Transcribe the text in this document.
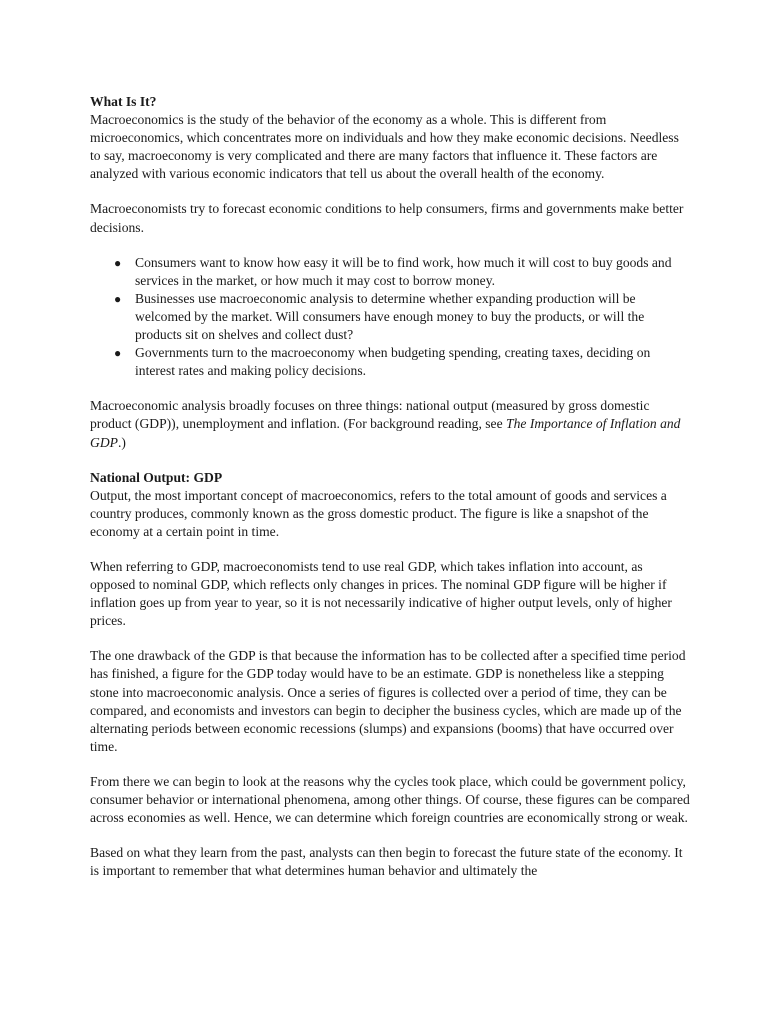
What Is It?

Macroeconomics is the study of the behavior of the economy as a whole. This is different from microeconomics, which concentrates more on individuals and how they make economic decisions. Needless to say, macroeconomy is very complicated and there are many factors that influence it. These factors are analyzed with various economic indicators that tell us about the overall health of the economy.

Macroeconomists try to forecast economic conditions to help consumers, firms and governments make better decisions.

● Consumers want to know how easy it will be to find work, how much it will cost to buy goods and services in the market, or how much it may cost to borrow money.
● Businesses use macroeconomic analysis to determine whether expanding production will be welcomed by the market. Will consumers have enough money to buy the products, or will the products sit on shelves and collect dust?
● Governments turn to the macroeconomy when budgeting spending, creating taxes, deciding on interest rates and making policy decisions.

Macroeconomic analysis broadly focuses on three things: national output (measured by gross domestic product (GDP)), unemployment and inflation. (For background reading, see The Importance of Inflation and GDP.)

National Output: GDP

Output, the most important concept of macroeconomics, refers to the total amount of goods and services a country produces, commonly known as the gross domestic product. The figure is like a snapshot of the economy at a certain point in time.

When referring to GDP, macroeconomists tend to use real GDP, which takes inflation into account, as opposed to nominal GDP, which reflects only changes in prices. The nominal GDP figure will be higher if inflation goes up from year to year, so it is not necessarily indicative of higher output levels, only of higher prices.

The one drawback of the GDP is that because the information has to be collected after a specified time period has finished, a figure for the GDP today would have to be an estimate. GDP is nonetheless like a stepping stone into macroeconomic analysis. Once a series of figures is collected over a period of time, they can be compared, and economists and investors can begin to decipher the business cycles, which are made up of the alternating periods between economic recessions (slumps) and expansions (booms) that have occurred over time.

From there we can begin to look at the reasons why the cycles took place, which could be government policy, consumer behavior or international phenomena, among other things. Of course, these figures can be compared across economies as well. Hence, we can determine which foreign countries are economically strong or weak.

Based on what they learn from the past, analysts can then begin to forecast the future state of the economy. It is important to remember that what determines human behavior and ultimately the
